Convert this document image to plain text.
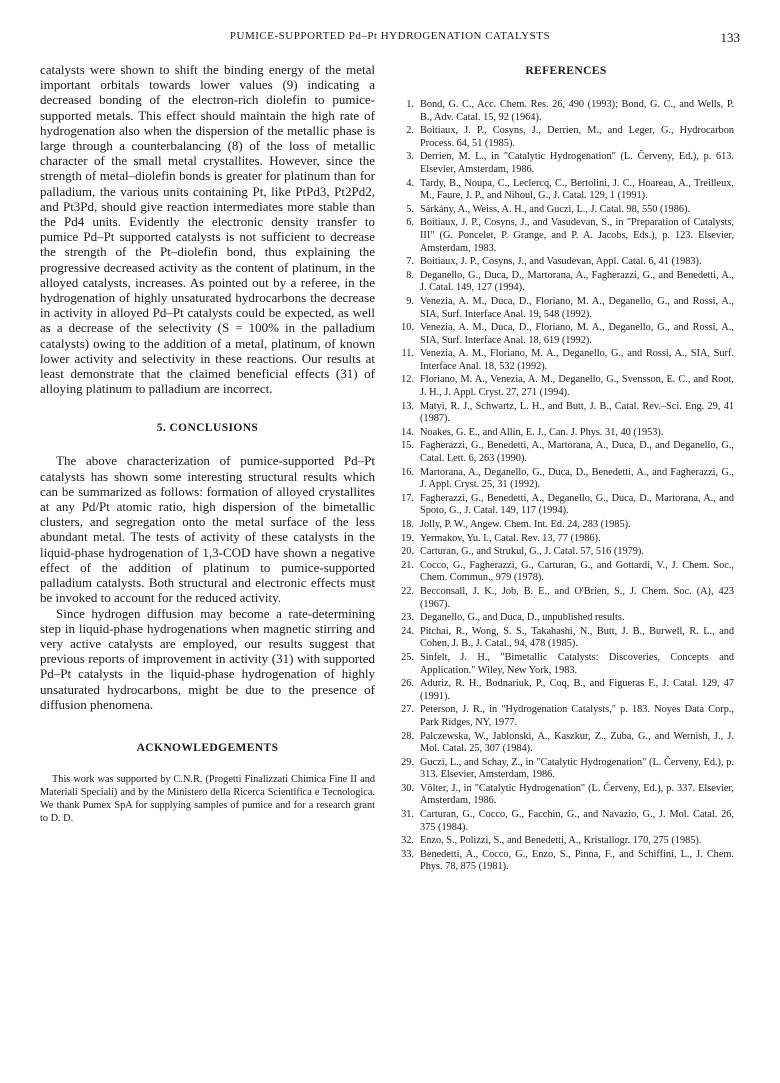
PUMICE-SUPPORTED Pd–Pt HYDROGENATION CATALYSTS	133

catalysts were shown to shift the binding energy of the metal important orbitals towards lower values (9) indicating a decreased bonding of the electron-rich diolefin to pumice-supported metals. This effect should maintain the high rate of hydrogenation also when the dispersion of the metallic phase is large through a counterbalancing (8) of the loss of metallic character of the small metal crystallites. However, since the strength of metal–diolefin bonds is greater for platinum than for palladium, the various units containing Pt, like PtPd3, Pt2Pd2, and Pt3Pd, should give reaction intermediates more stable than the Pd4 units. Evidently the electronic density transfer to pumice Pd–Pt supported catalysts is not sufficient to decrease the strength of the Pt–diolefin bond, thus explaining the progressive decreased activity as the content of platinum, in the alloyed catalysts, increases. As pointed out by a referee, in the hydrogenation of highly unsaturated hydrocarbons the decrease in activity in alloyed Pd–Pt catalysts could be expected, as well as a decrease of the selectivity (S = 100% in the palladium catalysts) owing to the addition of a metal, platinum, of known lower activity and selectivity in these reactions. Our results at least demonstrate that the claimed beneficial effects (31) of alloying platinum to palladium are incorrect.

5. CONCLUSIONS

The above characterization of pumice-supported Pd–Pt catalysts has shown some interesting structural results which can be summarized as follows: formation of alloyed crystallites at any Pd/Pt atomic ratio, high dispersion of the bimetallic clusters, and segregation onto the metal surface of the less abundant metal. The tests of activity of these catalysts in the liquid-phase hydrogenation of 1,3-COD have shown a negative effect of the addition of platinum to pumice-supported palladium catalysts. Both structural and electronic effects must be invoked to account for the reduced activity.

Since hydrogen diffusion may become a rate-determining step in liquid-phase hydrogenations when magnetic stirring and very active catalysts are employed, our results suggest that previous reports of improvement in activity (31) with supported Pd–Pt catalysts in the liquid-phase hydrogenation of highly unsaturated hydrocarbons, might be due to the presence of diffusion phenomena.

ACKNOWLEDGEMENTS

This work was supported by C.N.R. (Progetti Finalizzati Chimica Fine II and Materiali Speciali) and by the Ministero della Ricerca Scientifica e Tecnologica. We thank Pumex SpA for supplying samples of pumice and for a research grant to D. D.

REFERENCES
1. Bond, G. C., Acc. Chem. Res. 26, 490 (1993); Bond, G. C., and Wells, P. B., Adv. Catal. 15, 92 (1964).
2. Boitiaux, J. P., Cosyns, J., Derrien, M., and Leger, G., Hydrocarbon Process. 64, 51 (1985).
3. Derrien, M. L., in "Catalytic Hydrogenation" (L. Červeny, Ed.), p. 613. Elsevier, Amsterdam, 1986.
4. Tardy, B., Noupa, C., Leclercq, C., Bertolini, J. C., Hoareau, A., Treilleux, M., Faure, J. P., and Nihoul, G., J. Catal. 129, 1 (1991).
5. Sárkány, A., Weiss, A. H., and Guczi, L., J. Catal. 98, 550 (1986).
6. Boitiaux, J. P., Cosyns, J., and Vasudevan, S., in "Preparation of Catalysts, III" (G. Poncelet, P. Grange, and P. A. Jacobs, Eds.), p. 123. Elsevier, Amsterdam, 1983.
7. Boitiaux, J. P., Cosyns, J., and Vasudevan, Appl. Catal. 6, 41 (1983).
8. Deganello, G., Duca, D., Martorana, A., Fagherazzi, G., and Benedetti, A., J. Catal. 149, 127 (1994).
9. Venezia, A. M., Duca, D., Floriano, M. A., Deganello, G., and Rossi, A., SIA, Surf. Interface Anal. 19, 548 (1992).
10. Venezia, A. M., Duca, D., Floriano, M. A., Deganello, G., and Rossi, A., SIA, Surf. Interface Anal. 18, 619 (1992).
11. Venezia, A. M., Floriano, M. A., Deganello, G., and Rossi, A., SIA, Surf. Interface Anal. 18, 532 (1992).
12. Floriano, M. A., Venezia, A. M., Deganello, G., Svensson, E. C., and Root, J. H., J. Appl. Cryst. 27, 271 (1994).
13. Matyi, R. J., Schwartz, L. H., and Butt, J. B., Catal. Rev.–Sci. Eng. 29, 41 (1987).
14. Noakes, G. E., and Allin, E. J., Can. J. Phys. 31, 40 (1953).
15. Fagherazzi, G., Benedetti, A., Martorana, A., Duca, D., and Deganello, G., Catal. Lett. 6, 263 (1990).
16. Martorana, A., Deganello, G., Duca, D., Benedetti, A., and Fagherazzi, G., J. Appl. Cryst. 25, 31 (1992).
17. Fagherazzi, G., Benedetti, A., Deganello, G., Duca, D., Martorana, A., and Spoto, G., J. Catal. 149, 117 (1994).
18. Jolly, P. W., Angew. Chem. Int. Ed. 24, 283 (1985).
19. Yermakov, Yu. I., Catal. Rev. 13, 77 (1986).
20. Carturan, G., and Strukul, G., J. Catal. 57, 516 (1979).
21. Cocco, G., Fagherazzi, G., Carturan, G., and Gottardi, V., J. Chem. Soc., Chem. Commun., 979 (1978).
22. Becconsall, J. K., Job, B. E., and O'Brien, S., J. Chem. Soc. (A), 423 (1967).
23. Deganello, G., and Duca, D., unpublished results.
24. Pitchai, R., Wong, S. S., Takahashi, N., Butt, J. B., Burwell, R. L., and Cohen, J. B., J. Catal., 94, 478 (1985).
25. Sinfelt, J. H., "Bimetallic Catalysts: Discoveries, Concepts and Application." Wiley, New York, 1983.
26. Aduriz, R. H., Bodnariuk, P., Coq, B., and Figueras F., J. Catal. 129, 47 (1991).
27. Peterson, J. R., in "Hydrogenation Catalysts," p. 183. Noyes Data Corp., Park Ridges, NY, 1977.
28. Palczewska, W., Jablonski, A., Kaszkur, Z., Zuba, G., and Wernish, J., J. Mol. Catal. 25, 307 (1984).
29. Guczi, L., and Schay, Z., in "Catalytic Hydrogenation" (L. Červeny, Ed.), p. 313. Elsevier, Amsterdam, 1986.
30. Völter, J., in "Catalytic Hydrogenation" (L. Červeny, Ed.), p. 337. Elsevier, Amsterdam, 1986.
31. Carturan, G., Cocco, G., Facchin, G., and Navazio, G., J. Mol. Catal. 26, 375 (1984).
32. Enzo, S., Polizzi, S., and Benedetti, A., Kristallogr. 170, 275 (1985).
33. Benedetti, A., Cocco, G., Enzo, S., Pinna, F., and Schiffini, L., J. Chem. Phys. 78, 875 (1981).
